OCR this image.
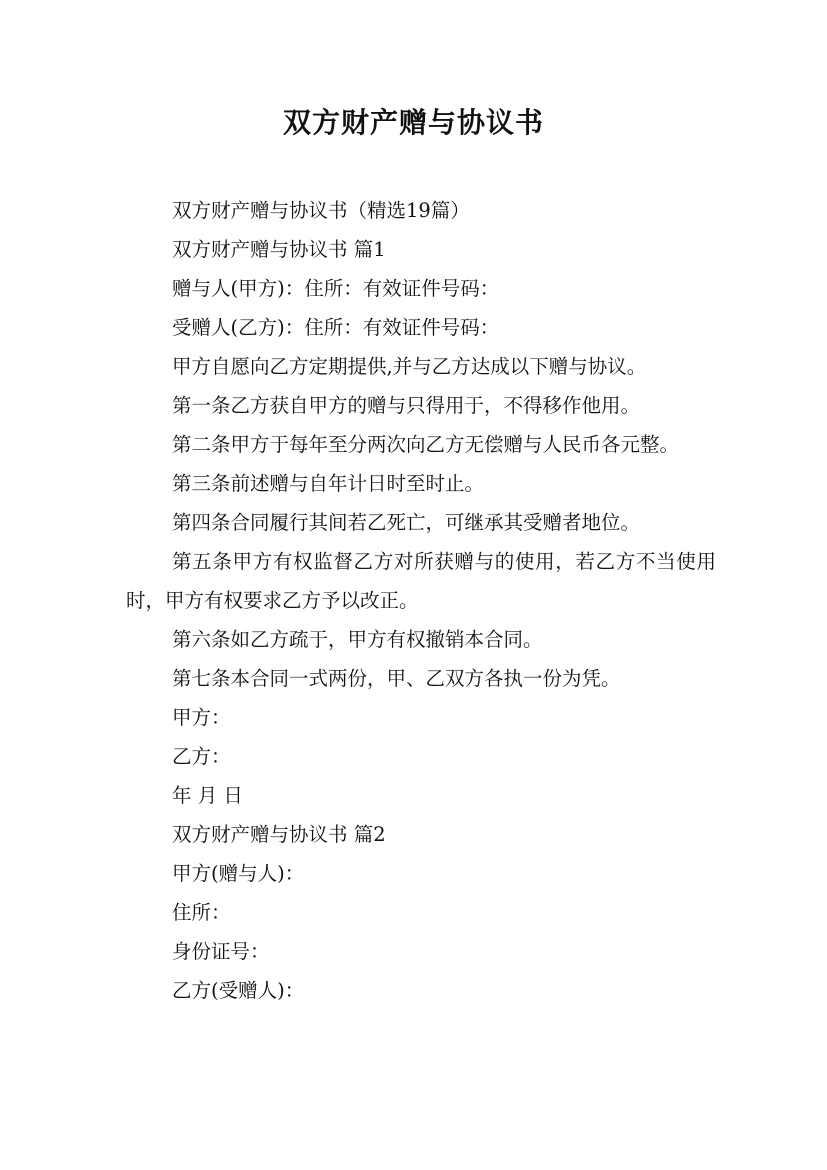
双方财产赠与协议书

双方财产赠与协议书（精选19篇）

双方财产赠与协议书 篇1

赠与人(甲方)：住所：有效证件号码：

受赠人(乙方)：住所：有效证件号码：

甲方自愿向乙方定期提供,并与乙方达成以下赠与协议。

第一条乙方获自甲方的赠与只得用于，不得移作他用。

第二条甲方于每年至分两次向乙方无偿赠与人民币各元整。

第三条前述赠与自年计日时至时止。

第四条合同履行其间若乙死亡，可继承其受赠者地位。

第五条甲方有权监督乙方对所获赠与的使用，若乙方不当使用时，甲方有权要求乙方予以改正。

第六条如乙方疏于，甲方有权撤销本合同。

第七条本合同一式两份，甲、乙双方各执一份为凭。

甲方：

乙方：

年 月 日

双方财产赠与协议书 篇2

甲方(赠与人)：

住所：

身份证号：

乙方(受赠人)：
